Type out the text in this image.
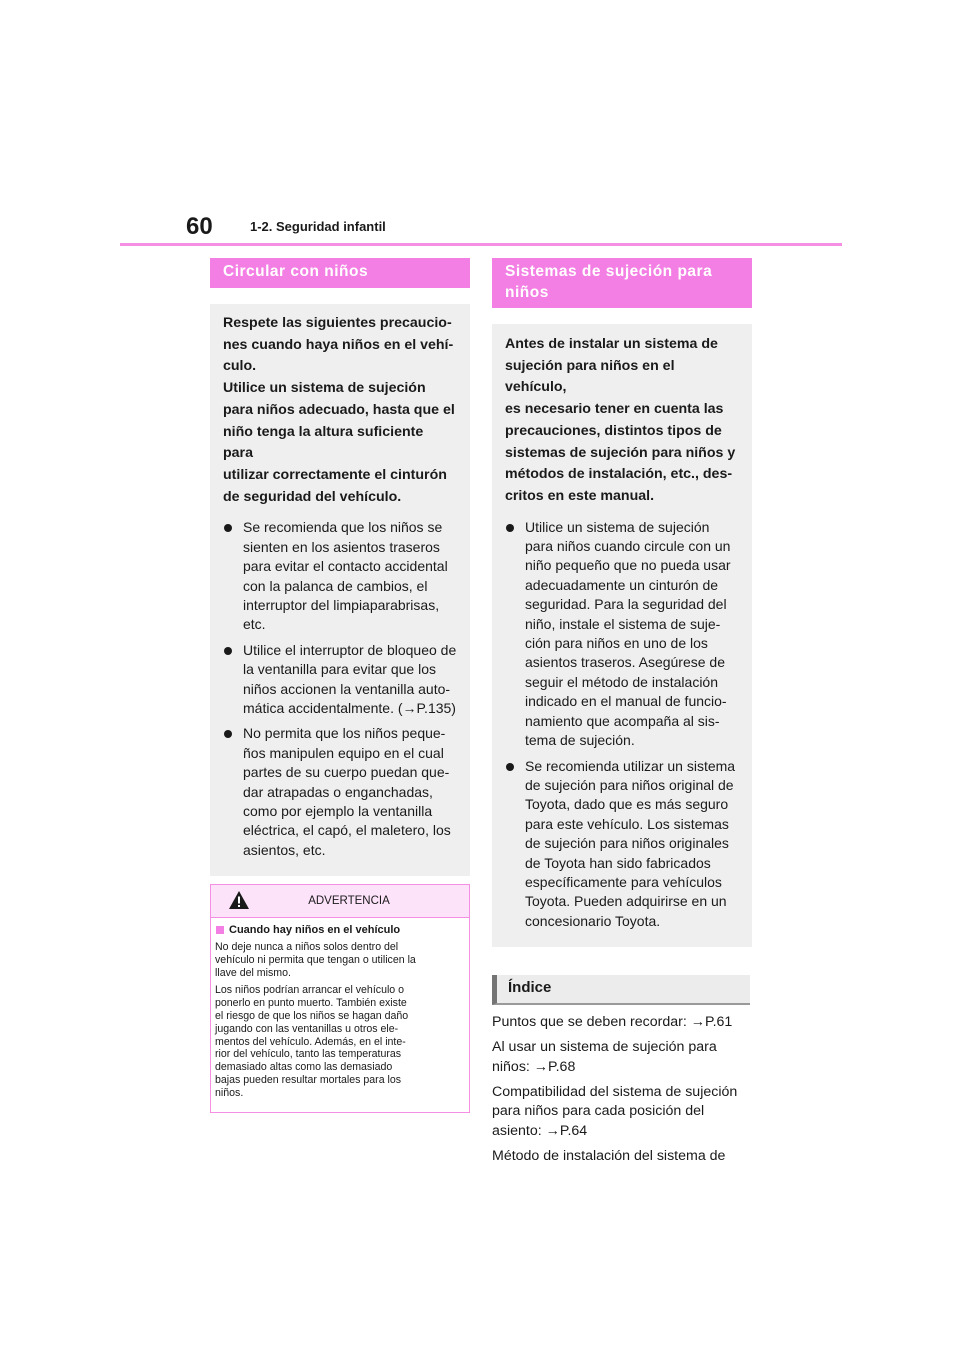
60	1-2. Seguridad infantil
Circular con niños

Respete las siguientes precaucio-
nes cuando haya niños en el vehí-
culo.
Utilice un sistema de sujeción
para niños adecuado, hasta que el
niño tenga la altura suficiente para
utilizar correctamente el cinturón
de seguridad del vehículo.

Se recomienda que los niños se
sienten en los asientos traseros
para evitar el contacto accidental
con la palanca de cambios, el
interruptor del limpiaparabrisas,
etc.
Utilice el interruptor de bloqueo de
la ventanilla para evitar que los
niños accionen la ventanilla auto-
mática accidentalmente. (→P.135)
No permita que los niños peque-
ños manipulen equipo en el cual
partes de su cuerpo puedan que-
dar atrapadas o enganchadas,
como por ejemplo la ventanilla
eléctrica, el capó, el maletero, los
asientos, etc.
ADVERTENCIA
Cuando hay niños en el vehículo

No deje nunca a niños solos dentro del
vehículo ni permita que tengan o utilicen la
llave del mismo.

Los niños podrían arrancar el vehículo o
ponerlo en punto muerto. También existe
el riesgo de que los niños se hagan daño
jugando con las ventanillas u otros ele-
mentos del vehículo. Además, en el inte-
rior del vehículo, tanto las temperaturas
demasiado altas como las demasiado
bajas pueden resultar mortales para los
niños.

Sistemas de sujeción para
niños

Antes de instalar un sistema de
sujeción para niños en el vehículo,
es necesario tener en cuenta las
precauciones, distintos tipos de
sistemas de sujeción para niños y
métodos de instalación, etc., des-
critos en este manual.

Utilice un sistema de sujeción
para niños cuando circule con un
niño pequeño que no pueda usar
adecuadamente un cinturón de
seguridad. Para la seguridad del
niño, instale el sistema de suje-
ción para niños en uno de los
asientos traseros. Asegúrese de
seguir el método de instalación
indicado en el manual de funcio-
namiento que acompaña al sis-
tema de sujeción.
Se recomienda utilizar un sistema
de sujeción para niños original de
Toyota, dado que es más seguro
para este vehículo. Los sistemas
de sujeción para niños originales
de Toyota han sido fabricados
específicamente para vehículos
Toyota. Pueden adquirirse en un
concesionario Toyota.
Índice

Puntos que se deben recordar: →P.61

Al usar un sistema de sujeción para
niños: →P.68

Compatibilidad del sistema de sujeción
para niños para cada posición del
asiento: →P.64

Método de instalación del sistema de
